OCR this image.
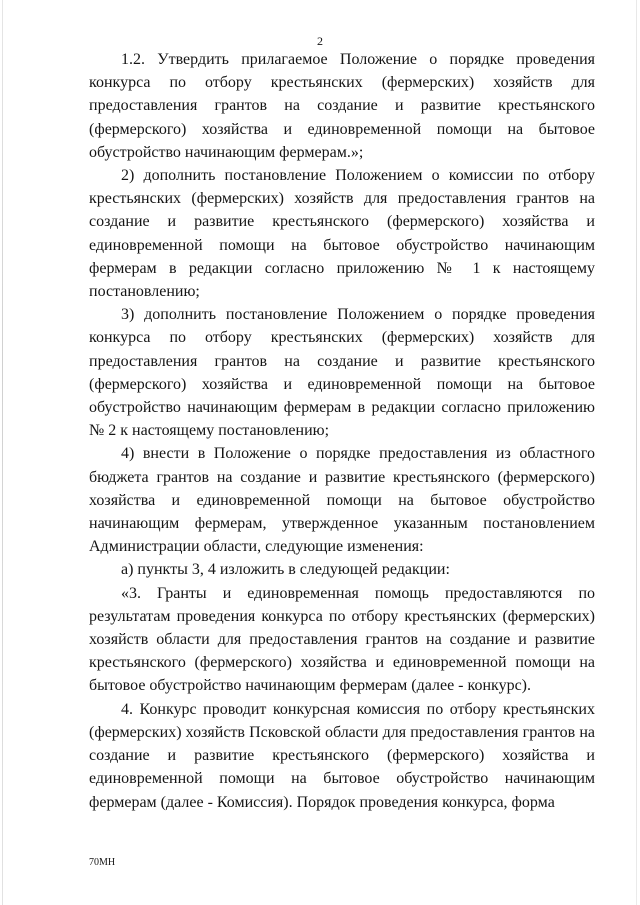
2

1.2. Утвердить прилагаемое Положение о порядке проведения конкурса по отбору крестьянских (фермерских) хозяйств для предоставления грантов на создание и развитие крестьянского (фермерского) хозяйства и единовременной помощи на бытовое обустройство начинающим фермерам.»;

2) дополнить постановление Положением о комиссии по отбору крестьянских (фермерских) хозяйств для предоставления грантов на создание и развитие крестьянского (фермерского) хозяйства и единовременной помощи на бытовое обустройство начинающим фермерам в редакции согласно приложению № 1 к настоящему постановлению;

3) дополнить постановление Положением о порядке проведения конкурса по отбору крестьянских (фермерских) хозяйств для предоставления грантов на создание и развитие крестьянского (фермерского) хозяйства и единовременной помощи на бытовое обустройство начинающим фермерам в редакции согласно приложению № 2 к настоящему постановлению;

4) внести в Положение о порядке предоставления из областного бюджета грантов на создание и развитие крестьянского (фермерского) хозяйства и единовременной помощи на бытовое обустройство начинающим фермерам, утвержденное указанным постановлением Администрации области, следующие изменения:

а) пункты 3, 4 изложить в следующей редакции:

«3. Гранты и единовременная помощь предоставляются по результатам проведения конкурса по отбору крестьянских (фермерских) хозяйств области для предоставления грантов на создание и развитие крестьянского (фермерского) хозяйства и единовременной помощи на бытовое обустройство начинающим фермерам (далее - конкурс).

4. Конкурс проводит конкурсная комиссия по отбору крестьянских (фермерских) хозяйств Псковской области для предоставления грантов на создание и развитие крестьянского (фермерского) хозяйства и единовременной помощи на бытовое обустройство начинающим фермерам (далее - Комиссия). Порядок проведения конкурса, форма

70МН
